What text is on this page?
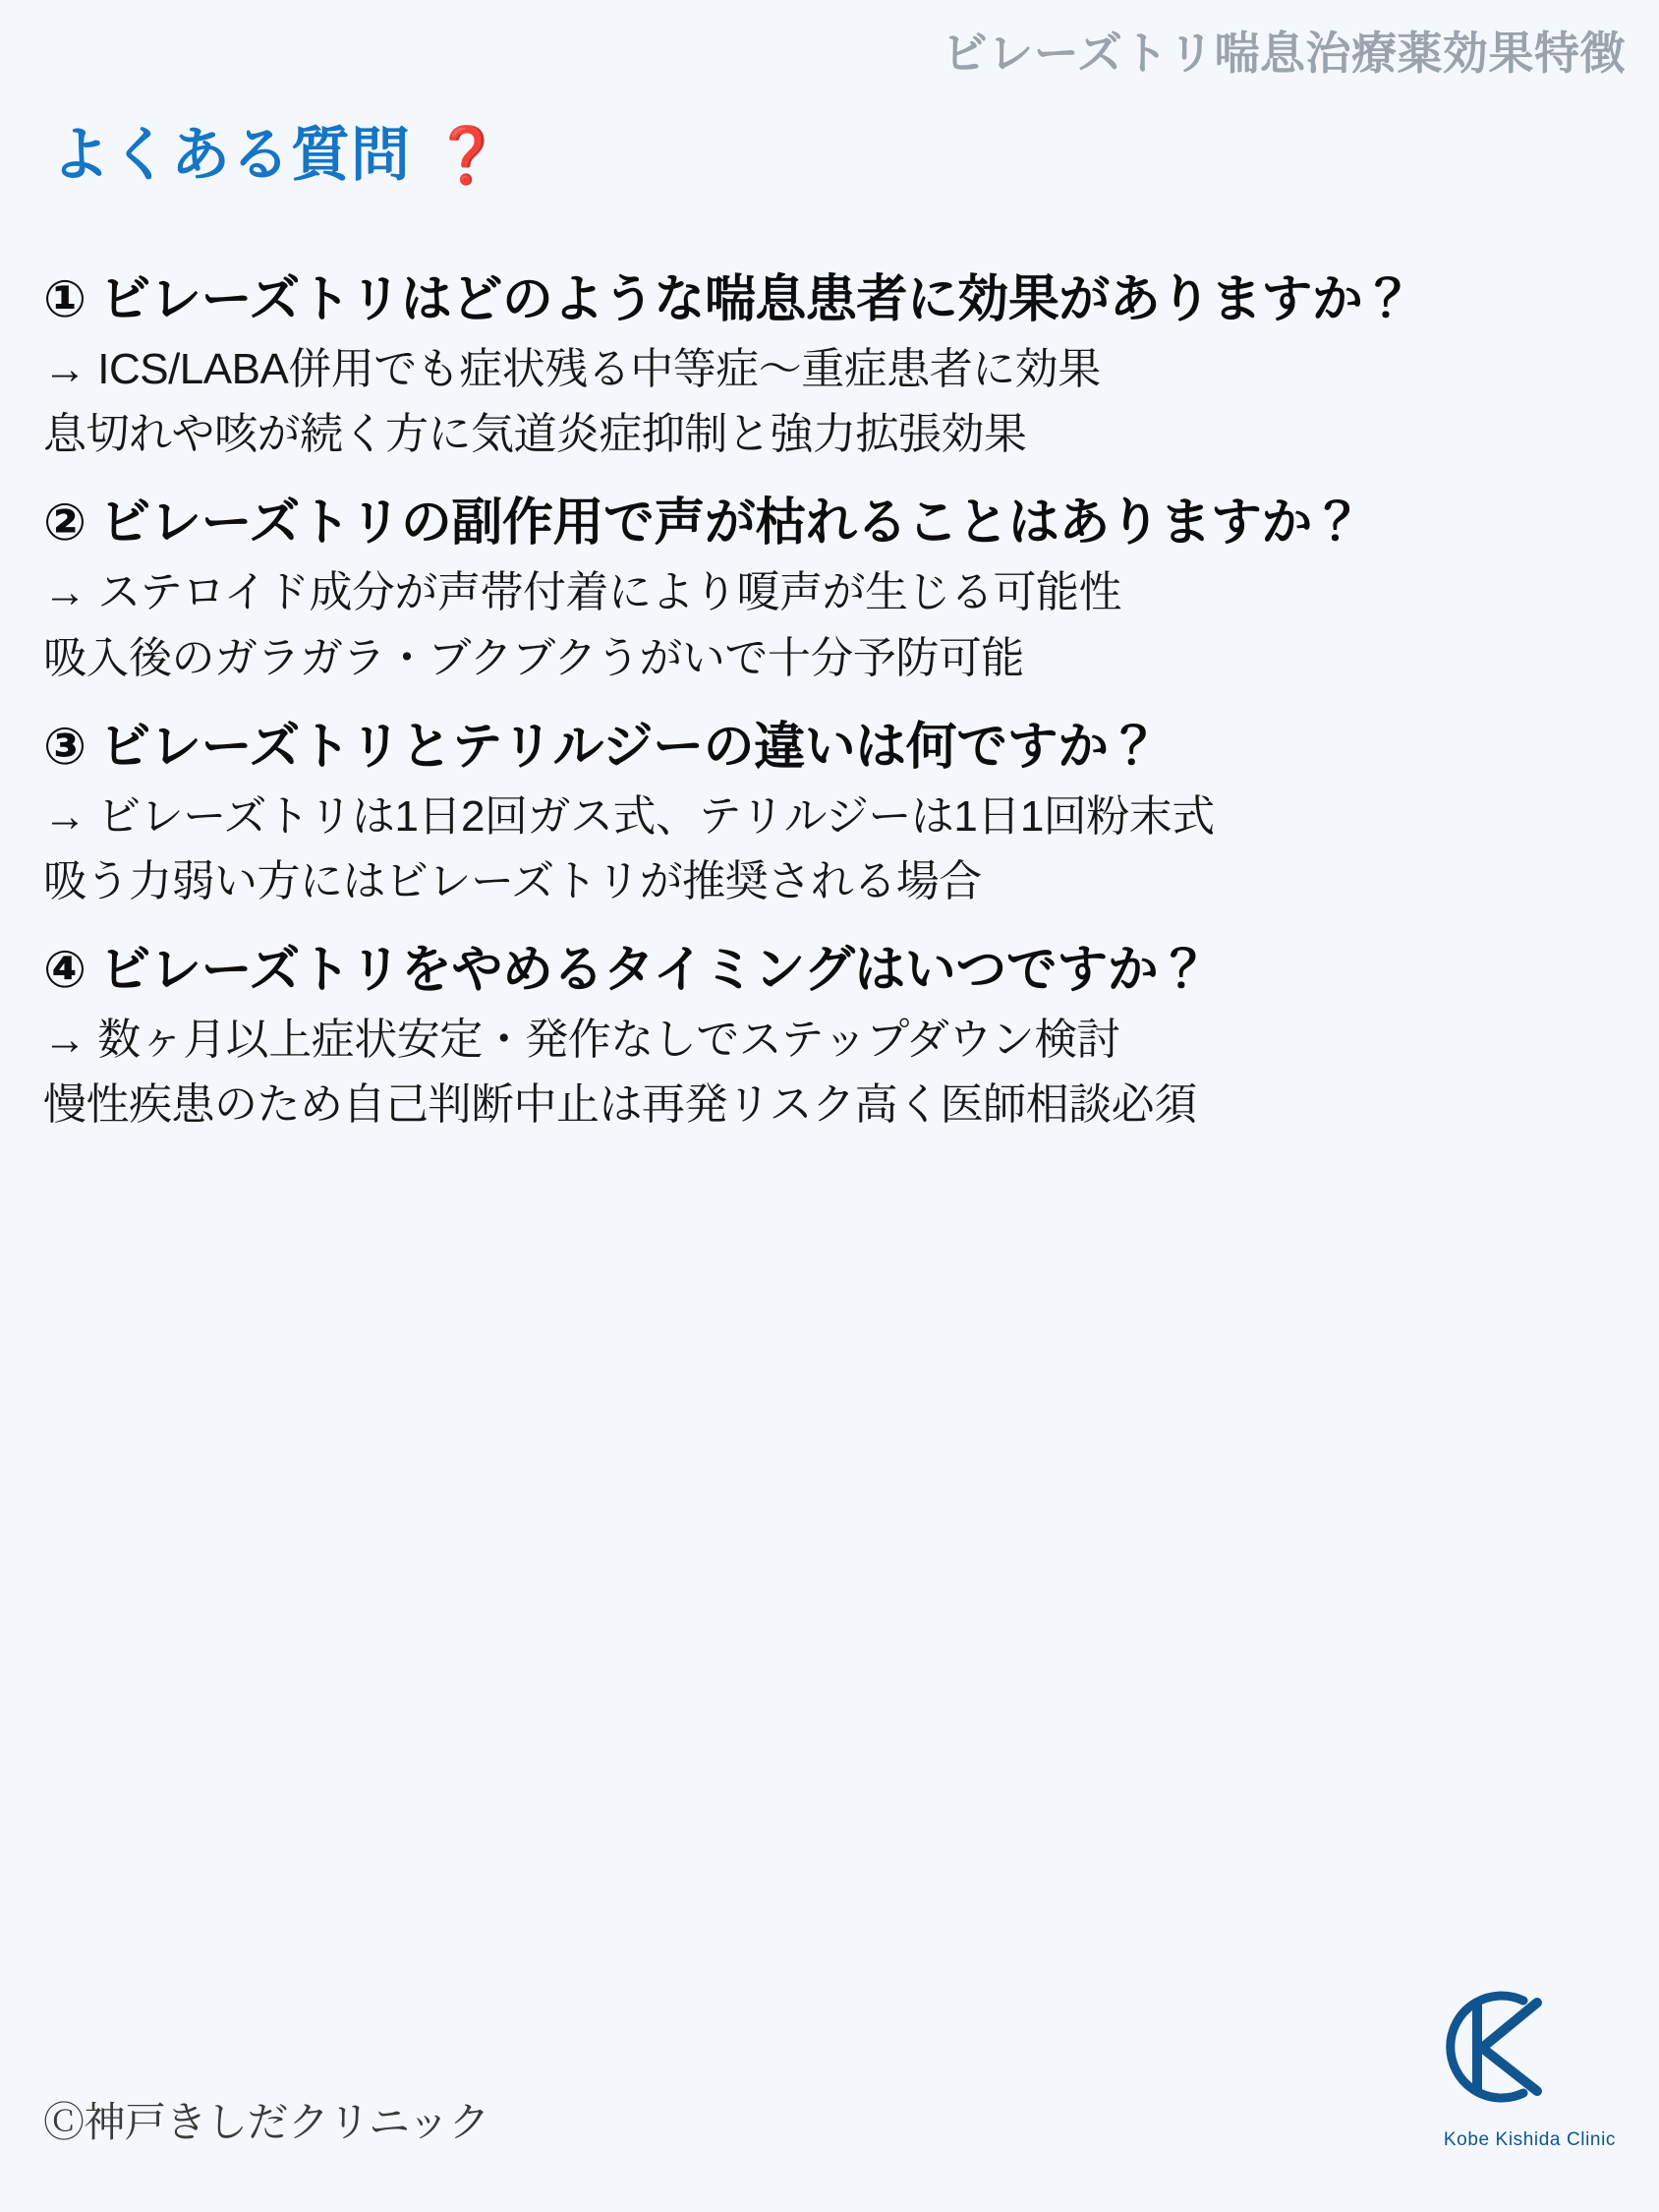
ビレーズトリ喘息治療薬効果特徴
よくある質問 ❓

① ビレーズトリはどのような喘息患者に効果がありますか？

→ ICS/LABA併用でも症状残る中等症〜重症患者に効果

息切れや咳が続く方に気道炎症抑制と強力拡張効果

② ビレーズトリの副作用で声が枯れることはありますか？

→ ステロイド成分が声帯付着により嗄声が生じる可能性

吸入後のガラガラ・ブクブクうがいで十分予防可能

③ ビレーズトリとテリルジーの違いは何ですか？

→ ビレーズトリは1日2回ガス式、テリルジーは1日1回粉末式

吸う力弱い方にはビレーズトリが推奨される場合

④ ビレーズトリをやめるタイミングはいつですか？

→ 数ヶ月以上症状安定・発作なしでステップダウン検討

慢性疾患のため自己判断中止は再発リスク高く医師相談必須

Ⓒ神戸きしだクリニック	Kobe Kishida Clinic
